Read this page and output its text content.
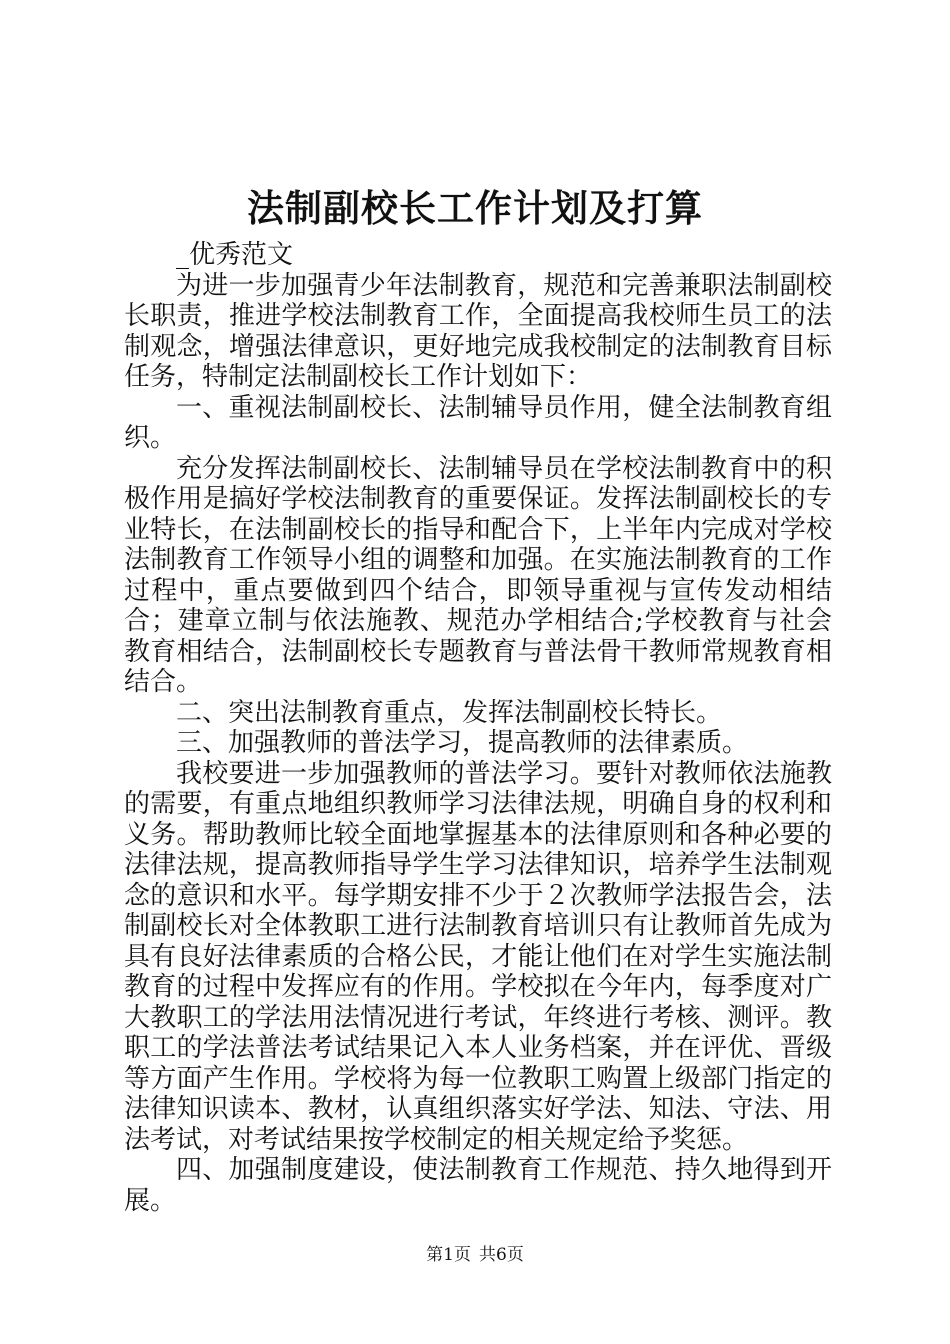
法制副校长工作计划及打算

_优秀范文

为进一步加强青少年法制教育，规范和完善兼职法制副校长职责，推进学校法制教育工作，全面提高我校师生员工的法制观念，增强法律意识，更好地完成我校制定的法制教育目标任务，特制定法制副校长工作计划如下：

一、重视法制副校长、法制辅导员作用，健全法制教育组织。

充分发挥法制副校长、法制辅导员在学校法制教育中的积极作用是搞好学校法制教育的重要保证。发挥法制副校长的专业特长，在法制副校长的指导和配合下，上半年内完成对学校法制教育工作领导小组的调整和加强。在实施法制教育的工作过程中，重点要做到四个结合，即领导重视与宣传发动相结合；建章立制与依法施教、规范办学相结合;学校教育与社会教育相结合，法制副校长专题教育与普法骨干教师常规教育相结合。

二、突出法制教育重点，发挥法制副校长特长。

三、加强教师的普法学习，提高教师的法律素质。

我校要进一步加强教师的普法学习。要针对教师依法施教的需要，有重点地组织教师学习法律法规，明确自身的权利和义务。帮助教师比较全面地掌握基本的法律原则和各种必要的法律法规，提高教师指导学生学习法律知识，培养学生法制观念的意识和水平。每学期安排不少于２次教师学法报告会，法制副校长对全体教职工进行法制教育培训只有让教师首先成为具有良好法律素质的合格公民，才能让他们在对学生实施法制教育的过程中发挥应有的作用。学校拟在今年内，每季度对广大教职工的学法用法情况进行考试，年终进行考核、测评。教职工的学法普法考试结果记入本人业务档案，并在评优、晋级等方面产生作用。学校将为每一位教职工购置上级部门指定的法律知识读本、教材，认真组织落实好学法、知法、守法、用法考试，对考试结果按学校制定的相关规定给予奖惩。

四、加强制度建设，使法制教育工作规范、持久地得到开展。

第1页 共6页
